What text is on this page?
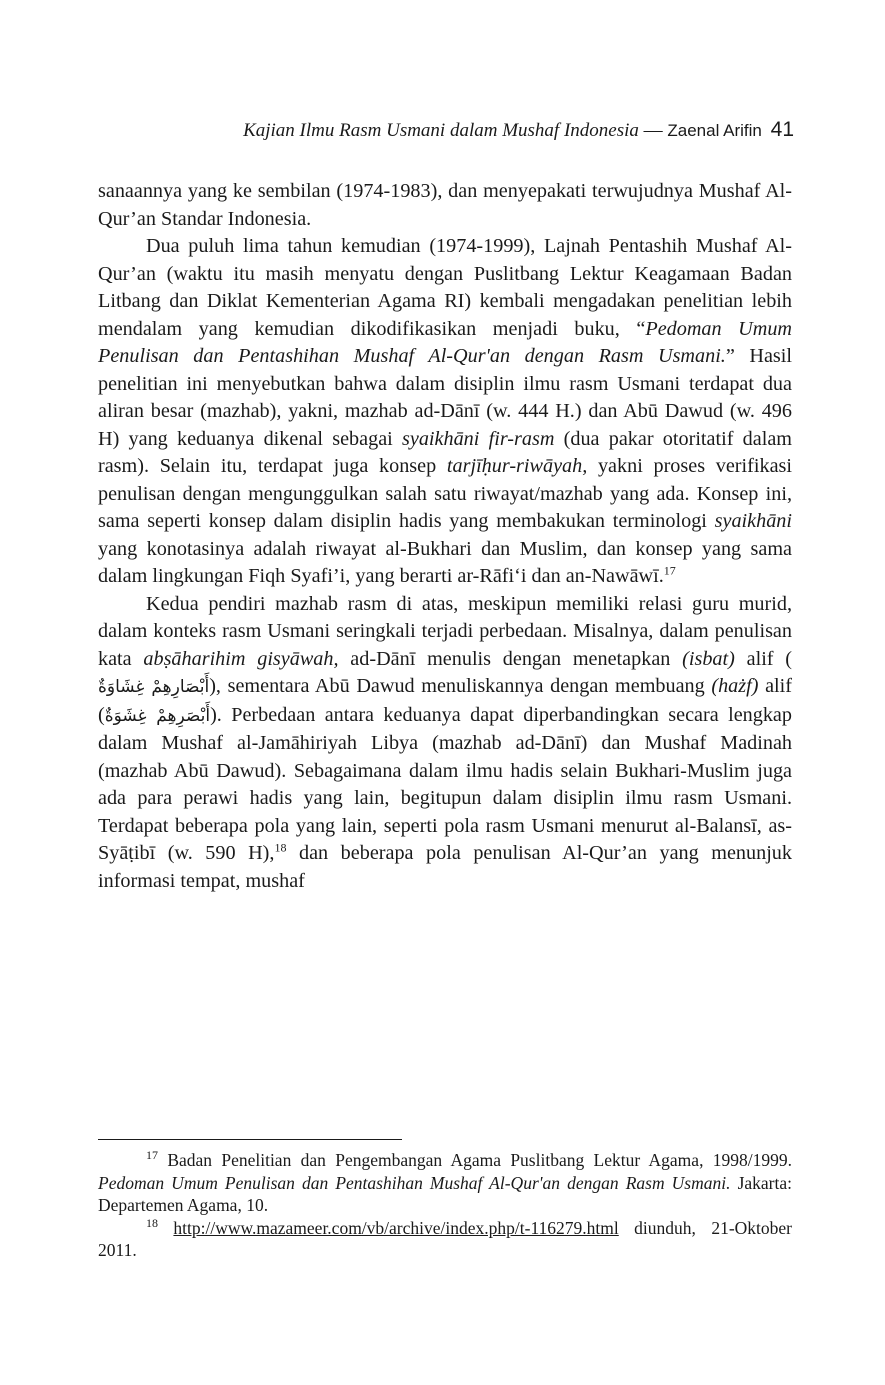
Kajian Ilmu Rasm Usmani dalam Mushaf Indonesia — Zaenal Arifin 41

sanaannya yang ke sembilan (1974-1983), dan menyepakati terwujudnya Mushaf Al-Qur’an Standar Indonesia.

Dua puluh lima tahun kemudian (1974-1999), Lajnah Pentashih Mushaf Al-Qur’an (waktu itu masih menyatu dengan Puslitbang Lektur Keagamaan Badan Litbang dan Diklat Kementerian Agama RI) kembali mengadakan penelitian lebih mendalam yang kemudian dikodifikasikan menjadi buku, “Pedoman Umum Penulisan dan Pentashihan Mushaf Al-Qur'an dengan Rasm Usmani.” Hasil penelitian ini menyebutkan bahwa dalam disiplin ilmu rasm Usmani terdapat dua aliran besar (mazhab), yakni, mazhab ad-Dānī (w. 444 H.) dan Abū Dawud (w. 496 H) yang keduanya dikenal sebagai syaikhāni fir-rasm (dua pakar otoritatif dalam rasm). Selain itu, terdapat juga konsep tarjīḥur-riwāyah, yakni proses verifikasi penulisan dengan mengunggulkan salah satu riwayat/mazhab yang ada. Konsep ini, sama seperti konsep dalam disiplin hadis yang membakukan terminologi syaikhāni yang konotasinya adalah riwayat al-Bukhari dan Muslim, dan konsep yang sama dalam lingkungan Fiqh Syafi’i, yang berarti ar-Rāfi‘i dan an-Nawāwī.$^{17}$

Kedua pendiri mazhab rasm di atas, meskipun memiliki relasi guru murid, dalam konteks rasm Usmani seringkali terjadi perbedaan. Misalnya, dalam penulisan kata abṣāharihim gisyāwah, ad-Dānī menulis dengan menetapkan (isbat) alif ( أَبْصَارِهِمْ غِشَاوَةٌ), sementara Abū Dawud menuliskannya dengan membuang (hażf) alif (أَبْصَرِهِمْ غِشَوَةٌ). Perbedaan antara keduanya dapat diperbandingkan secara lengkap dalam Mushaf al-Jamāhiriyah Libya (mazhab ad-Dānī) dan Mushaf Madinah (mazhab Abū Dawud). Sebagaimana dalam ilmu hadis selain Bukhari-Muslim juga ada para perawi hadis yang lain, begitupun dalam disiplin ilmu rasm Usmani. Terdapat beberapa pola yang lain, seperti pola rasm Usmani menurut al-Balansī, as-Syāṭibī (w. 590 H),$^{18}$ dan beberapa pola penulisan Al-Qur’an yang menunjuk informasi tempat, mushaf

$^{17}$ Badan Penelitian dan Pengembangan Agama Puslitbang Lektur Agama, 1998/1999. Pedoman Umum Penulisan dan Pentashihan Mushaf Al-Qur'an dengan Rasm Usmani. Jakarta: Departemen Agama, 10.

$^{18}$ http://www.mazameer.com/vb/archive/index.php/t-116279.html diunduh, 21-Oktober 2011.
